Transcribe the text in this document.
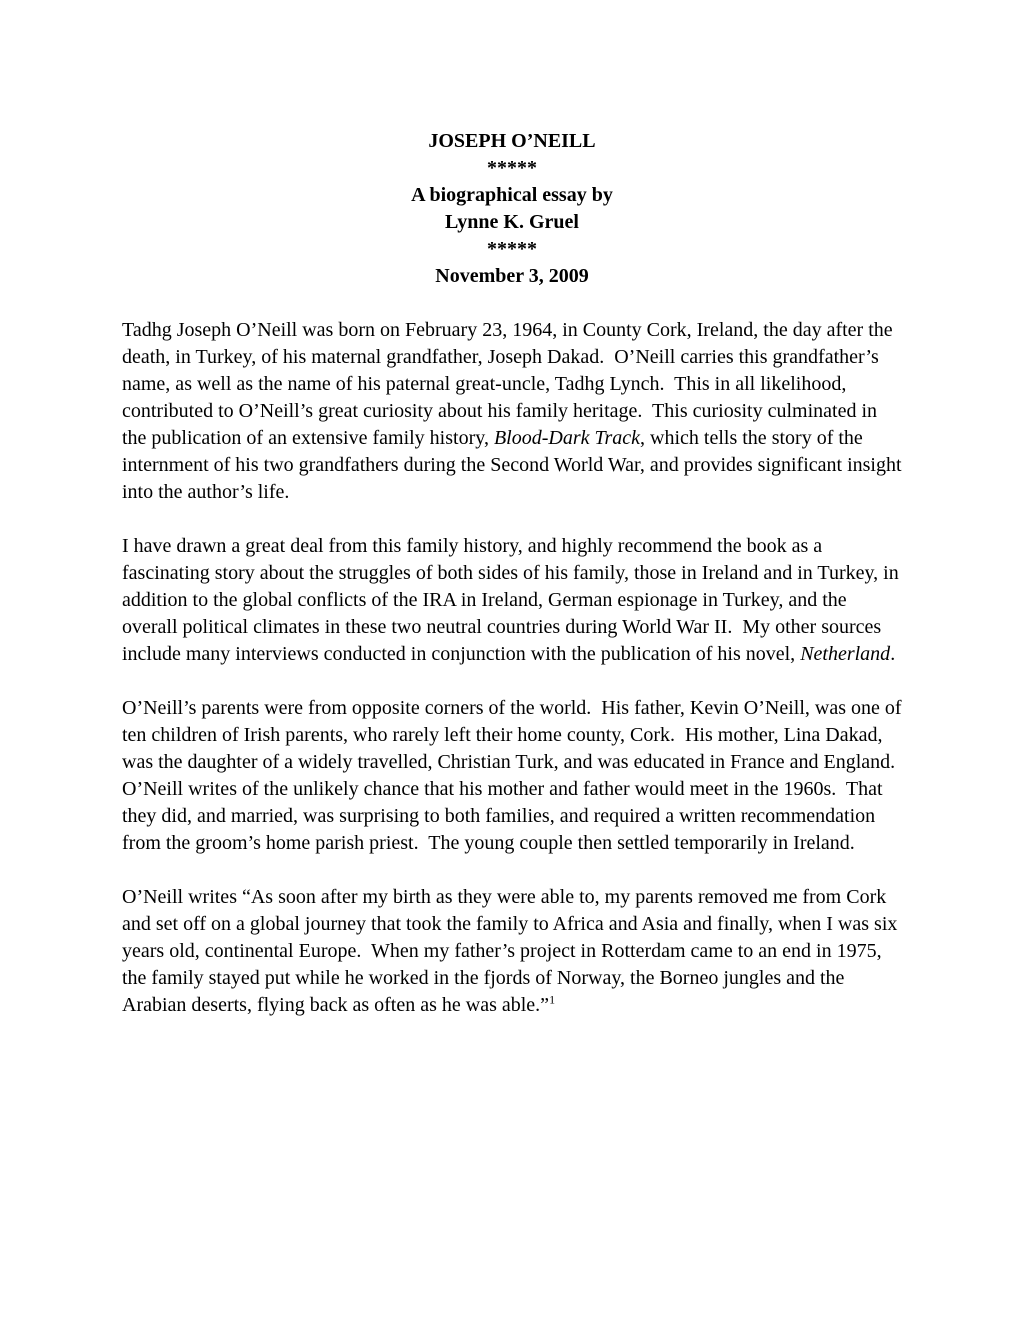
JOSEPH O’NEILL
*****
A biographical essay by
Lynne K. Gruel
*****
November 3, 2009

Tadhg Joseph O’Neill was born on February 23, 1964, in County Cork, Ireland, the day after the death, in Turkey, of his maternal grandfather, Joseph Dakad.  O’Neill carries this grandfather’s name, as well as the name of his paternal great-uncle, Tadhg Lynch.  This in all likelihood, contributed to O’Neill’s great curiosity about his family heritage.  This curiosity culminated in the publication of an extensive family history, Blood-Dark Track, which tells the story of the internment of his two grandfathers during the Second World War, and provides significant insight into the author’s life.

I have drawn a great deal from this family history, and highly recommend the book as a fascinating story about the struggles of both sides of his family, those in Ireland and in Turkey, in addition to the global conflicts of the IRA in Ireland, German espionage in Turkey, and the overall political climates in these two neutral countries during World War II.  My other sources include many interviews conducted in conjunction with the publication of his novel, Netherland.

O’Neill’s parents were from opposite corners of the world.  His father, Kevin O’Neill, was one of ten children of Irish parents, who rarely left their home county, Cork.  His mother, Lina Dakad, was the daughter of a widely travelled, Christian Turk, and was educated in France and England.  O’Neill writes of the unlikely chance that his mother and father would meet in the 1960s.  That they did, and married, was surprising to both families, and required a written recommendation from the groom’s home parish priest.  The young couple then settled temporarily in Ireland.

O’Neill writes “As soon after my birth as they were able to, my parents removed me from Cork and set off on a global journey that took the family to Africa and Asia and finally, when I was six years old, continental Europe.  When my father’s project in Rotterdam came to an end in 1975, the family stayed put while he worked in the fjords of Norway, the Borneo jungles and the Arabian deserts, flying back as often as he was able.”$^1$
